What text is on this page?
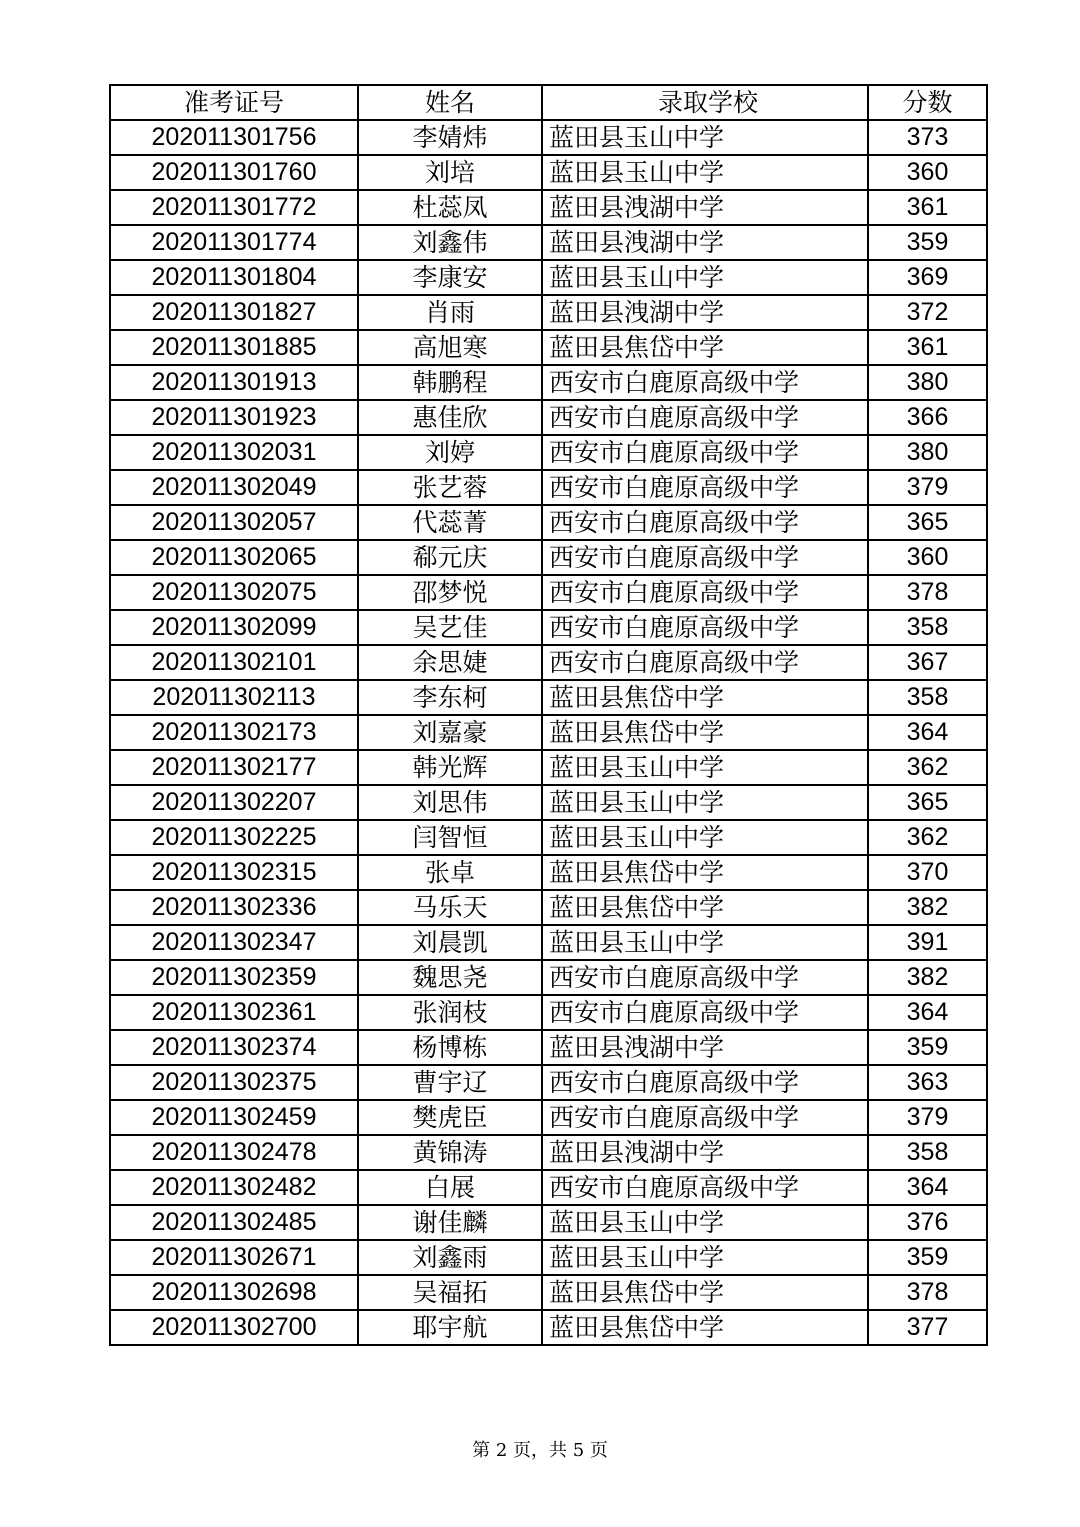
准考证号	姓名	录取学校	分数
202011301756	李婧炜	蓝田县玉山中学	373
202011301760	刘培	蓝田县玉山中学	360
202011301772	杜蕊凤	蓝田县洩湖中学	361
202011301774	刘鑫伟	蓝田县洩湖中学	359
202011301804	李康安	蓝田县玉山中学	369
202011301827	肖雨	蓝田县洩湖中学	372
202011301885	高旭寒	蓝田县焦岱中学	361
202011301913	韩鹏程	西安市白鹿原高级中学	380
202011301923	惠佳欣	西安市白鹿原高级中学	366
202011302031	刘婷	西安市白鹿原高级中学	380
202011302049	张艺蓉	西安市白鹿原高级中学	379
202011302057	代蕊菁	西安市白鹿原高级中学	365
202011302065	郗元庆	西安市白鹿原高级中学	360
202011302075	邵梦悦	西安市白鹿原高级中学	378
202011302099	吴艺佳	西安市白鹿原高级中学	358
202011302101	余思婕	西安市白鹿原高级中学	367
202011302113	李东柯	蓝田县焦岱中学	358
202011302173	刘嘉豪	蓝田县焦岱中学	364
202011302177	韩光辉	蓝田县玉山中学	362
202011302207	刘思伟	蓝田县玉山中学	365
202011302225	闫智恒	蓝田县玉山中学	362
202011302315	张卓	蓝田县焦岱中学	370
202011302336	马乐天	蓝田县焦岱中学	382
202011302347	刘晨凯	蓝田县玉山中学	391
202011302359	魏思尧	西安市白鹿原高级中学	382
202011302361	张润枝	西安市白鹿原高级中学	364
202011302374	杨博栋	蓝田县洩湖中学	359
202011302375	曹宇辽	西安市白鹿原高级中学	363
202011302459	樊虎臣	西安市白鹿原高级中学	379
202011302478	黄锦涛	蓝田县洩湖中学	358
202011302482	白展	西安市白鹿原高级中学	364
202011302485	谢佳麟	蓝田县玉山中学	376
202011302671	刘鑫雨	蓝田县玉山中学	359
202011302698	吴福拓	蓝田县焦岱中学	378
202011302700	耶宇航	蓝田县焦岱中学	377
第 2 页，共 5 页
